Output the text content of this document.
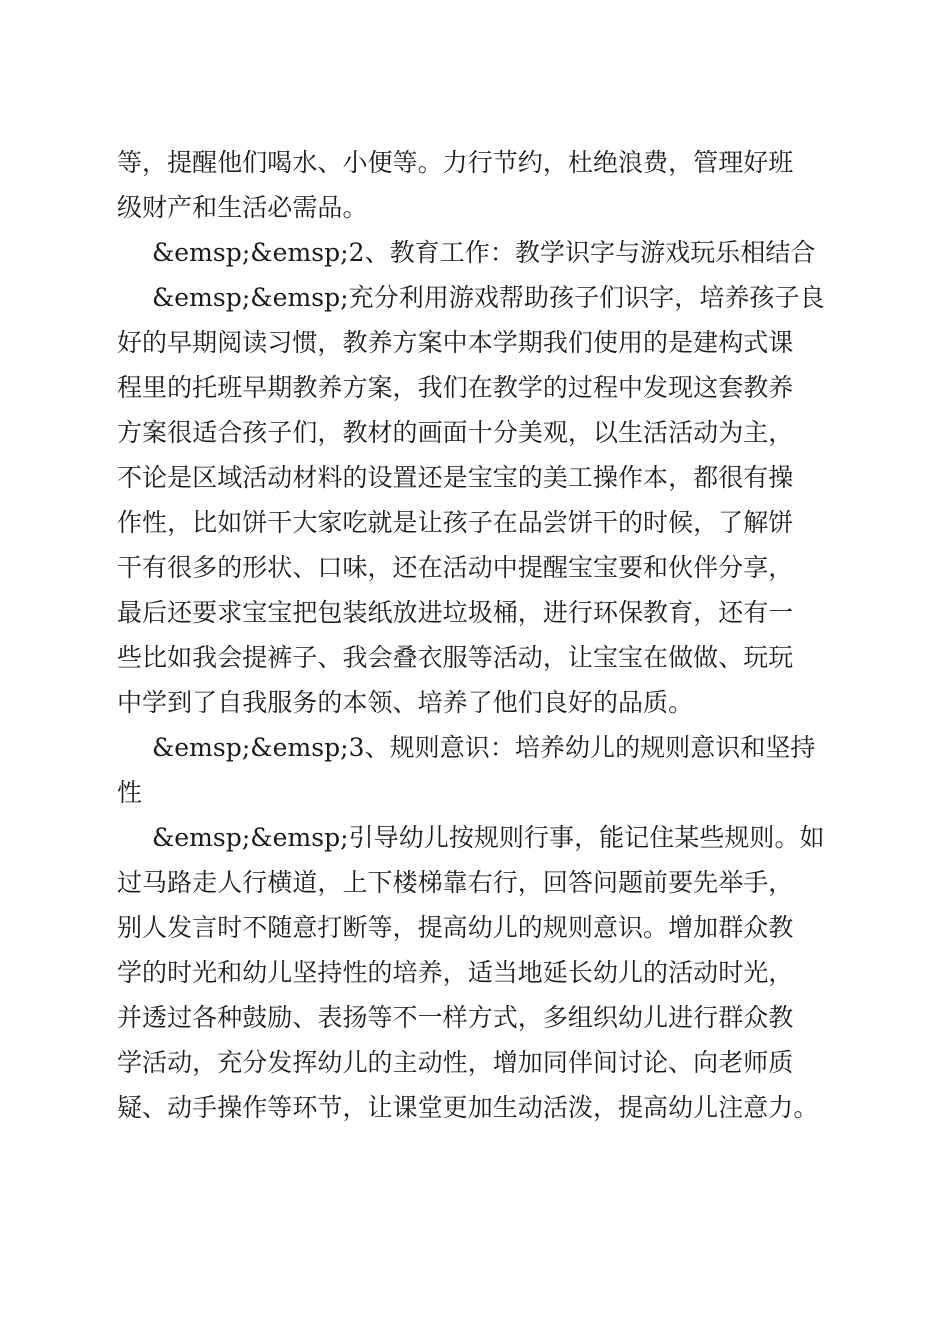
等，提醒他们喝水、小便等。力行节约，杜绝浪费，管理好班

级财产和生活必需品。

&emsp;&emsp;2、教育工作：教学识字与游戏玩乐相结合

&emsp;&emsp;充分利用游戏帮助孩子们识字，培养孩子良

好的早期阅读习惯，教养方案中本学期我们使用的是建构式课

程里的托班早期教养方案，我们在教学的过程中发现这套教养

方案很适合孩子们，教材的画面十分美观，以生活活动为主，

不论是区域活动材料的设置还是宝宝的美工操作本，都很有操

作性，比如饼干大家吃就是让孩子在品尝饼干的时候，了解饼

干有很多的形状、口味，还在活动中提醒宝宝要和伙伴分享，

最后还要求宝宝把包装纸放进垃圾桶，进行环保教育，还有一

些比如我会提裤子、我会叠衣服等活动，让宝宝在做做、玩玩

中学到了自我服务的本领、培养了他们良好的品质。

&emsp;&emsp;3、规则意识：培养幼儿的规则意识和坚持

性

&emsp;&emsp;引导幼儿按规则行事，能记住某些规则。如

过马路走人行横道，上下楼梯靠右行，回答问题前要先举手，

别人发言时不随意打断等，提高幼儿的规则意识。增加群众教

学的时光和幼儿坚持性的培养，适当地延长幼儿的活动时光，

并透过各种鼓励、表扬等不一样方式，多组织幼儿进行群众教

学活动，充分发挥幼儿的主动性，增加同伴间讨论、向老师质

疑、动手操作等环节，让课堂更加生动活泼，提高幼儿注意力。
